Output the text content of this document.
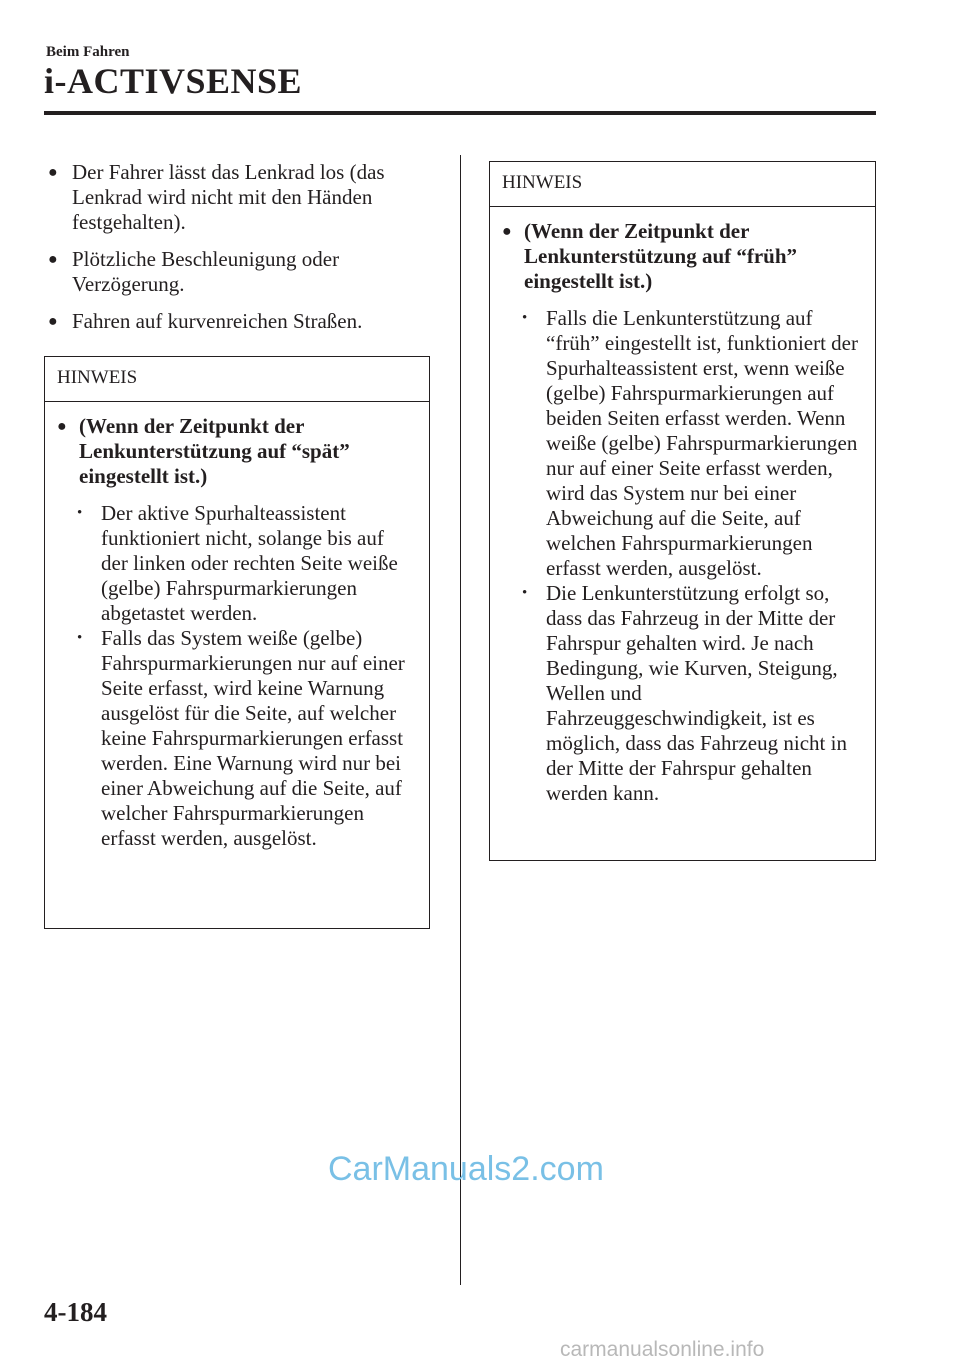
Beim Fahren
i-ACTIVSENSE
● Der Fahrer lässt das Lenkrad los (das Lenkrad wird nicht mit den Händen festgehalten).
● Plötzliche Beschleunigung oder Verzögerung.
● Fahren auf kurvenreichen Straßen.
HINWEIS
● (Wenn der Zeitpunkt der Lenkunterstützung auf “spät” eingestellt ist.)
• Der aktive Spurhalteassistent funktioniert nicht, solange bis auf der linken oder rechten Seite weiße (gelbe) Fahrspurmarkierungen abgetastet werden.
• Falls das System weiße (gelbe) Fahrspurmarkierungen nur auf einer Seite erfasst, wird keine Warnung ausgelöst für die Seite, auf welcher keine Fahrspurmarkierungen erfasst werden. Eine Warnung wird nur bei einer Abweichung auf die Seite, auf welcher Fahrspurmarkierungen erfasst werden, ausgelöst.
HINWEIS
● (Wenn der Zeitpunkt der Lenkunterstützung auf “früh” eingestellt ist.)
• Falls die Lenkunterstützung auf “früh” eingestellt ist, funktioniert der Spurhalteassistent erst, wenn weiße (gelbe) Fahrspurmarkierungen auf beiden Seiten erfasst werden. Wenn weiße (gelbe) Fahrspurmarkierungen nur auf einer Seite erfasst werden, wird das System nur bei einer Abweichung auf die Seite, auf welchen Fahrspurmarkierungen erfasst werden, ausgelöst.
• Die Lenkunterstützung erfolgt so, dass das Fahrzeug in der Mitte der Fahrspur gehalten wird. Je nach Bedingung, wie Kurven, Steigung, Wellen und Fahrzeuggeschwindigkeit, ist es möglich, dass das Fahrzeug nicht in der Mitte der Fahrspur gehalten werden kann.
4-184
CarManuals2.com
carmanualsonline.info
